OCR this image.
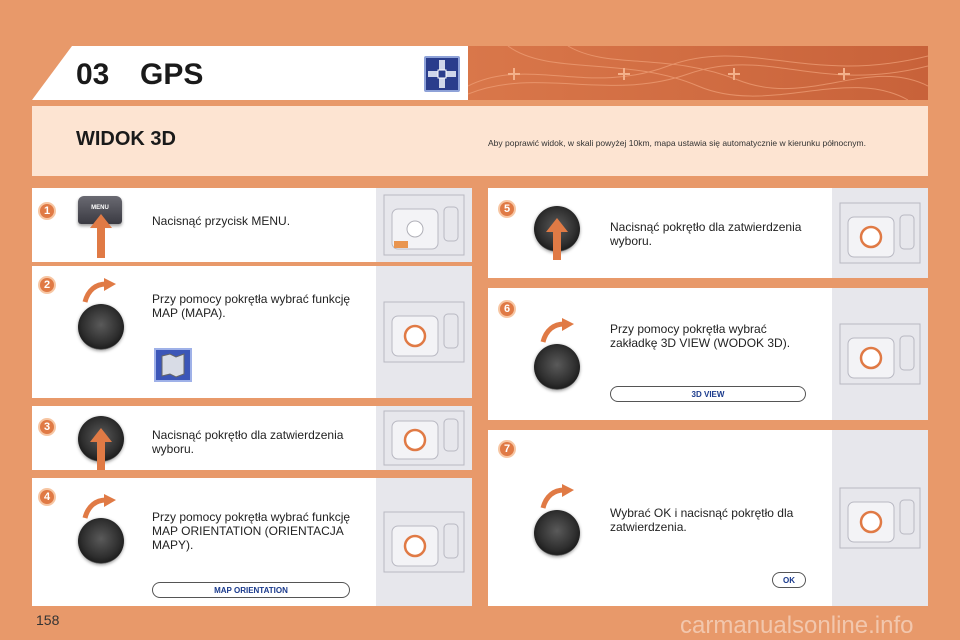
03 GPS
WIDOK 3D	Aby poprawić widok, w skali powyżej 10km, mapa ustawia się automatycznie w kierunku północnym.
1	MENU
Nacisnąć przycisk MENU.
2
Przy pomocy pokrętła wybrać funkcję MAP (MAPA).
3
Nacisnąć pokrętło dla zatwierdzenia wyboru.
4
Przy pomocy pokrętła wybrać funkcję MAP ORIENTATION (ORIENTACJA MAPY).
MAP ORIENTATION
5
Nacisnąć pokrętło dla zatwierdzenia wyboru.
6
Przy pomocy pokrętła wybrać zakładkę 3D VIEW (WODOK 3D).
3D VIEW
7
Wybrać OK i nacisnąć pokrętło dla zatwierdzenia.
OK
158	carmanualsonline.info
